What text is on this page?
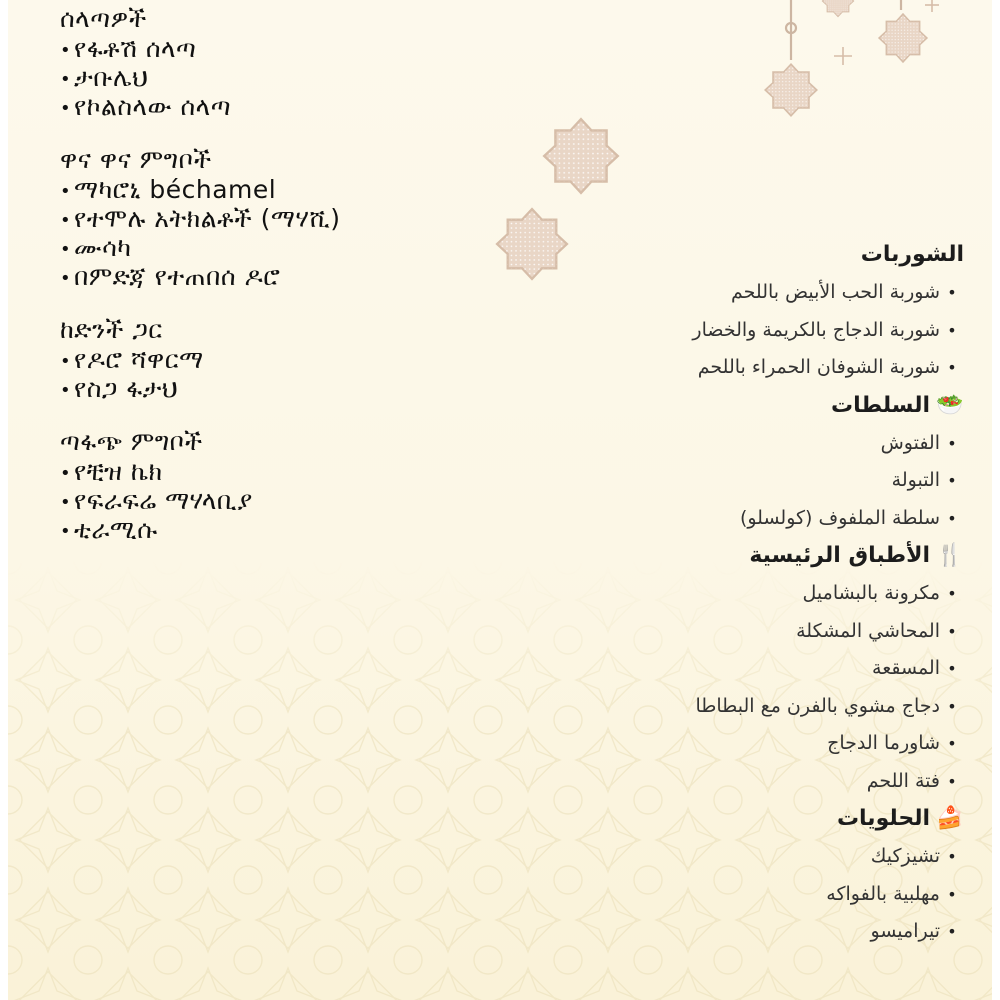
ሰላጣዎች
• የፋቶሽ ሰላጣ
• ታቡሌህ
• የኮልስላው ሰላጣ
ዋና ዋና ምግቦች
• ማካሮኒ béchamel
• የተሞሉ አትክልቶች (ማሃሺ)
• ሙሳካ
• በምድጃ የተጠበሰ ዶሮ
ከድንች ጋር
• የዶሮ ሻዋርማ
• የስጋ ፋታህ
ጣፋጭ ምግቦች
• የቺዝ ኬክ
• የፍራፍሬ ማሃላቢያ
• ቲራሚሱ
الشوربات
•شوربة الحب الأبيض باللحم
•شوربة الدجاج بالكريمة والخضار
•شوربة الشوفان الحمراء باللحم
🥗
السلطات
•الفتوش
•التبولة
•سلطة الملفوف (كولسلو)
🍴
الأطباق الرئيسية
•مكرونة بالبشاميل
•المحاشي المشكلة
•المسقعة
•دجاج مشوي بالفرن مع البطاطا
•شاورما الدجاج
•فتة اللحم
🍰
الحلويات
•تشيزكيك
•مهلبية بالفواكه
•تيراميسو
